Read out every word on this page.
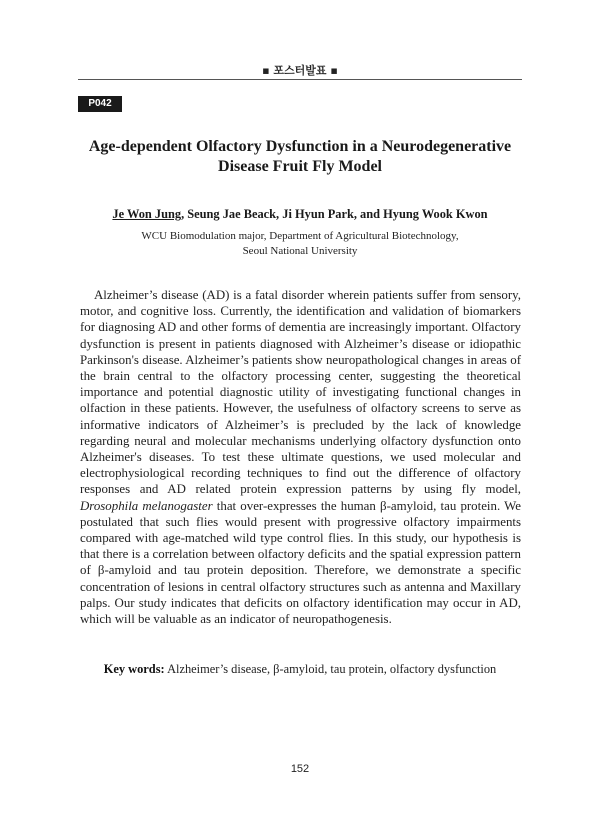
▪ 포스터발표 ▪
P042
Age-dependent Olfactory Dysfunction in a Neurodegenerative
Disease Fruit Fly Model
Je Won Jung, Seung Jae Beack, Ji Hyun Park, and Hyung Wook Kwon
WCU Biomodulation major, Department of Agricultural Biotechnology,
Seoul National University

Alzheimer’s disease (AD) is a fatal disorder wherein patients suffer from sensory, motor, and cognitive loss. Currently, the identification and validation of biomarkers for diagnosing AD and other forms of dementia are increasingly important. Olfactory dysfunction is present in patients diagnosed with Alzheimer’s disease or idiopathic Parkinson's disease. Alzheimer’s patients show neuropathological changes in areas of the brain central to the olfactory processing center, suggesting the theoretical importance and potential diagnostic utility of investigating functional changes in olfaction in these patients. However, the usefulness of olfactory screens to serve as informative indicators of Alzheimer’s is precluded by the lack of knowledge regarding neural and molecular mechanisms underlying olfactory dysfunction onto Alzheimer's diseases. To test these ultimate questions, we used molecular and electrophysiological recording techniques to find out the difference of olfactory responses and AD related protein expression patterns by using fly model, Drosophila melanogaster that over-expresses the human β-amyloid, tau protein. We postulated that such flies would present with progressive olfactory impairments compared with age-matched wild type control flies. In this study, our hypothesis is that there is a correlation between olfactory deficits and the spatial expression pattern of β-amyloid and tau protein deposition. Therefore, we demonstrate a specific concentration of lesions in central olfactory structures such as antenna and Maxillary palps. Our study indicates that deficits on olfactory identification may occur in AD, which will be valuable as an indicator of neuropathogenesis.

Key words: Alzheimer’s disease, β-amyloid, tau protein, olfactory dysfunction
152
